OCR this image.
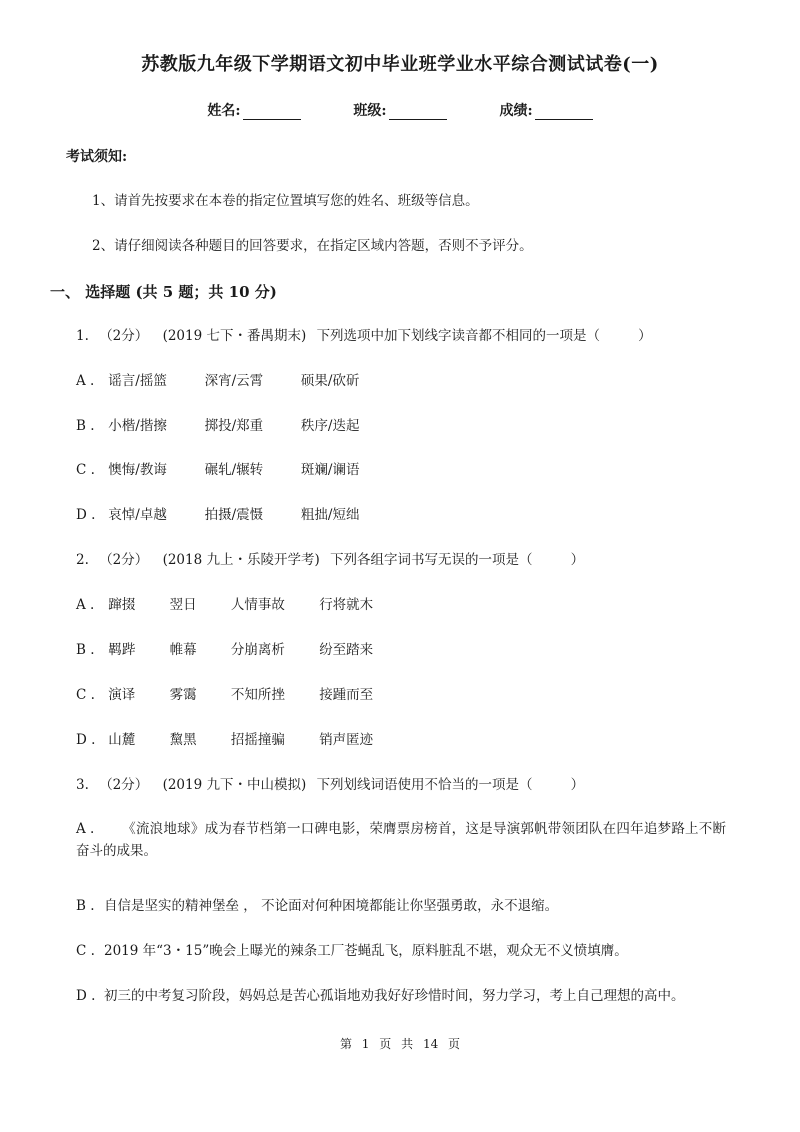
苏教版九年级下学期语文初中毕业班学业水平综合测试试卷(一)
姓名:	班级:	成绩:
考试须知:
1、请首先按要求在本卷的指定位置填写您的姓名、班级等信息。
2、请仔细阅读各种题目的回答要求，在指定区域内答题，否则不予评分。
一、 选择题 (共 5 题；共 10 分)
1. （2分） (2019 七下・番禺期末) 下列选项中加下划线字读音都不相同的一项是（	）
A . 谣言/摇篮	深宵/云霄	硕果/砍斫
B . 小楷/揩擦	掷投/郑重	秩序/迭起
C . 懊悔/教诲	碾轧/辗转	斑斓/谰语
D . 哀悼/卓越	拍摄/震慑	粗拙/短绌
2. （2分） (2018 九上・乐陵开学考) 下列各组字词书写无误的一项是（	）
A . 蹿掇	翌日	人情事故	行将就木
B . 羁跸	帷幕	分崩离析	纷至踏来
C . 演译	雾霭	不知所挫	接踵而至
D . 山麓	黧黑	招摇撞骗	销声匿迹
3. （2分） (2019 九下・中山模拟) 下列划线词语使用不恰当的一项是（	）
A . 《流浪地球》成为春节档第一口碑电影，荣膺票房榜首，这是导演郭帆带领团队在四年追梦路上不断奋斗的成果。
B . 自信是坚实的精神堡垒 ， 不论面对何种困境都能让你坚强勇敢，永不退缩。
C . 2019 年“3・15”晚会上曝光的辣条工厂苍蝇乱飞，原料脏乱不堪，观众无不义愤填膺。
D . 初三的中考复习阶段，妈妈总是苦心孤诣地劝我好好珍惜时间，努力学习，考上自己理想的高中。
第 1 页 共 14 页
